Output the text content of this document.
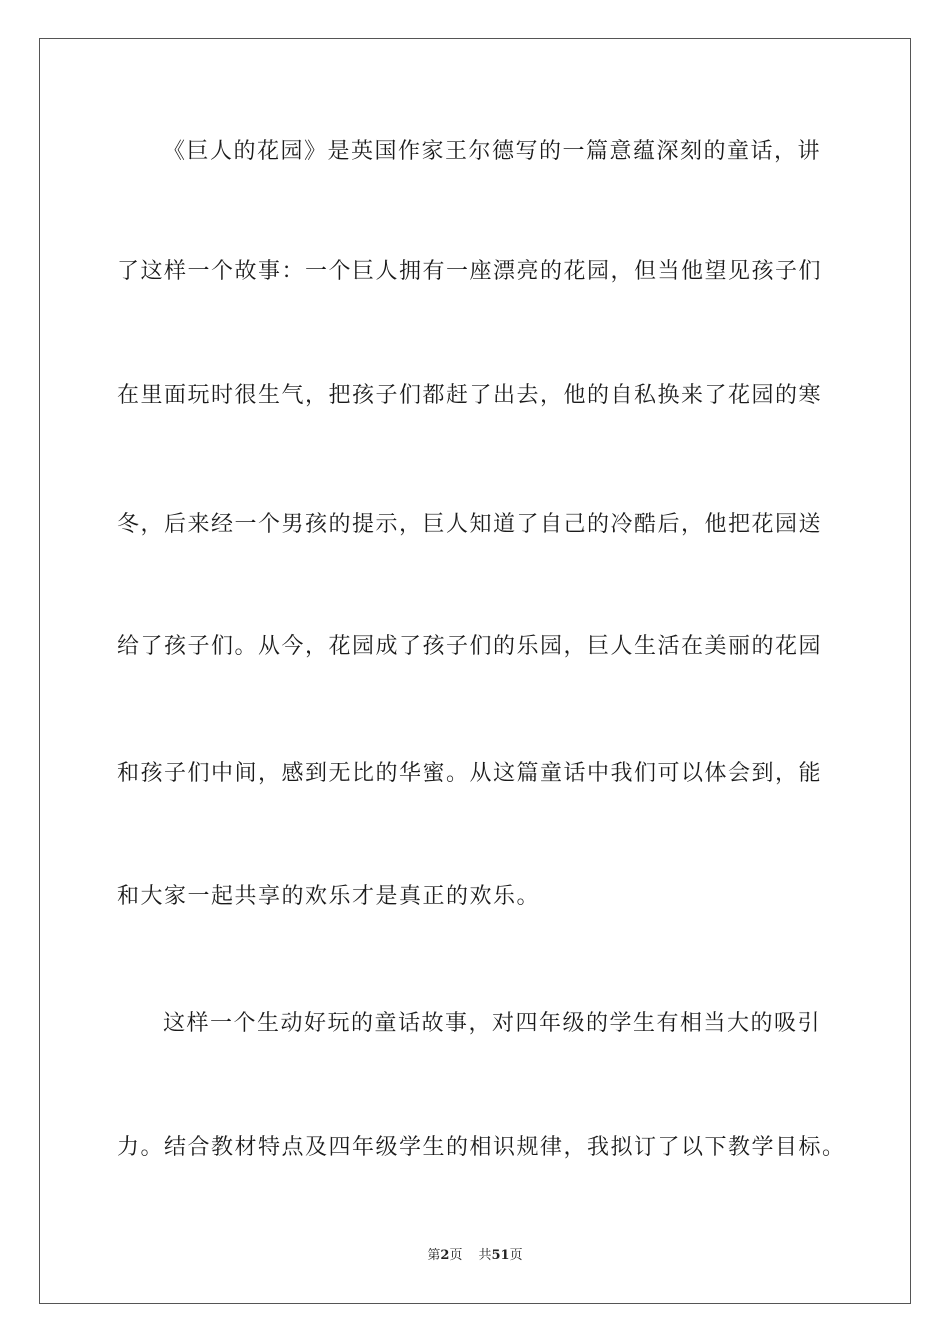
《巨人的花园》是英国作家王尔德写的一篇意蕴深刻的童话，讲
了这样一个故事：一个巨人拥有一座漂亮的花园，但当他望见孩子们
在里面玩时很生气，把孩子们都赶了出去，他的自私换来了花园的寒
冬，后来经一个男孩的提示，巨人知道了自己的冷酷后，他把花园送
给了孩子们。从今，花园成了孩子们的乐园，巨人生活在美丽的花园
和孩子们中间，感到无比的华蜜。从这篇童话中我们可以体会到，能
和大家一起共享的欢乐才是真正的欢乐。
这样一个生动好玩的童话故事，对四年级的学生有相当大的吸引
力。结合教材特点及四年级学生的相识规律，我拟订了以下教学目标。
第2页 共51页
